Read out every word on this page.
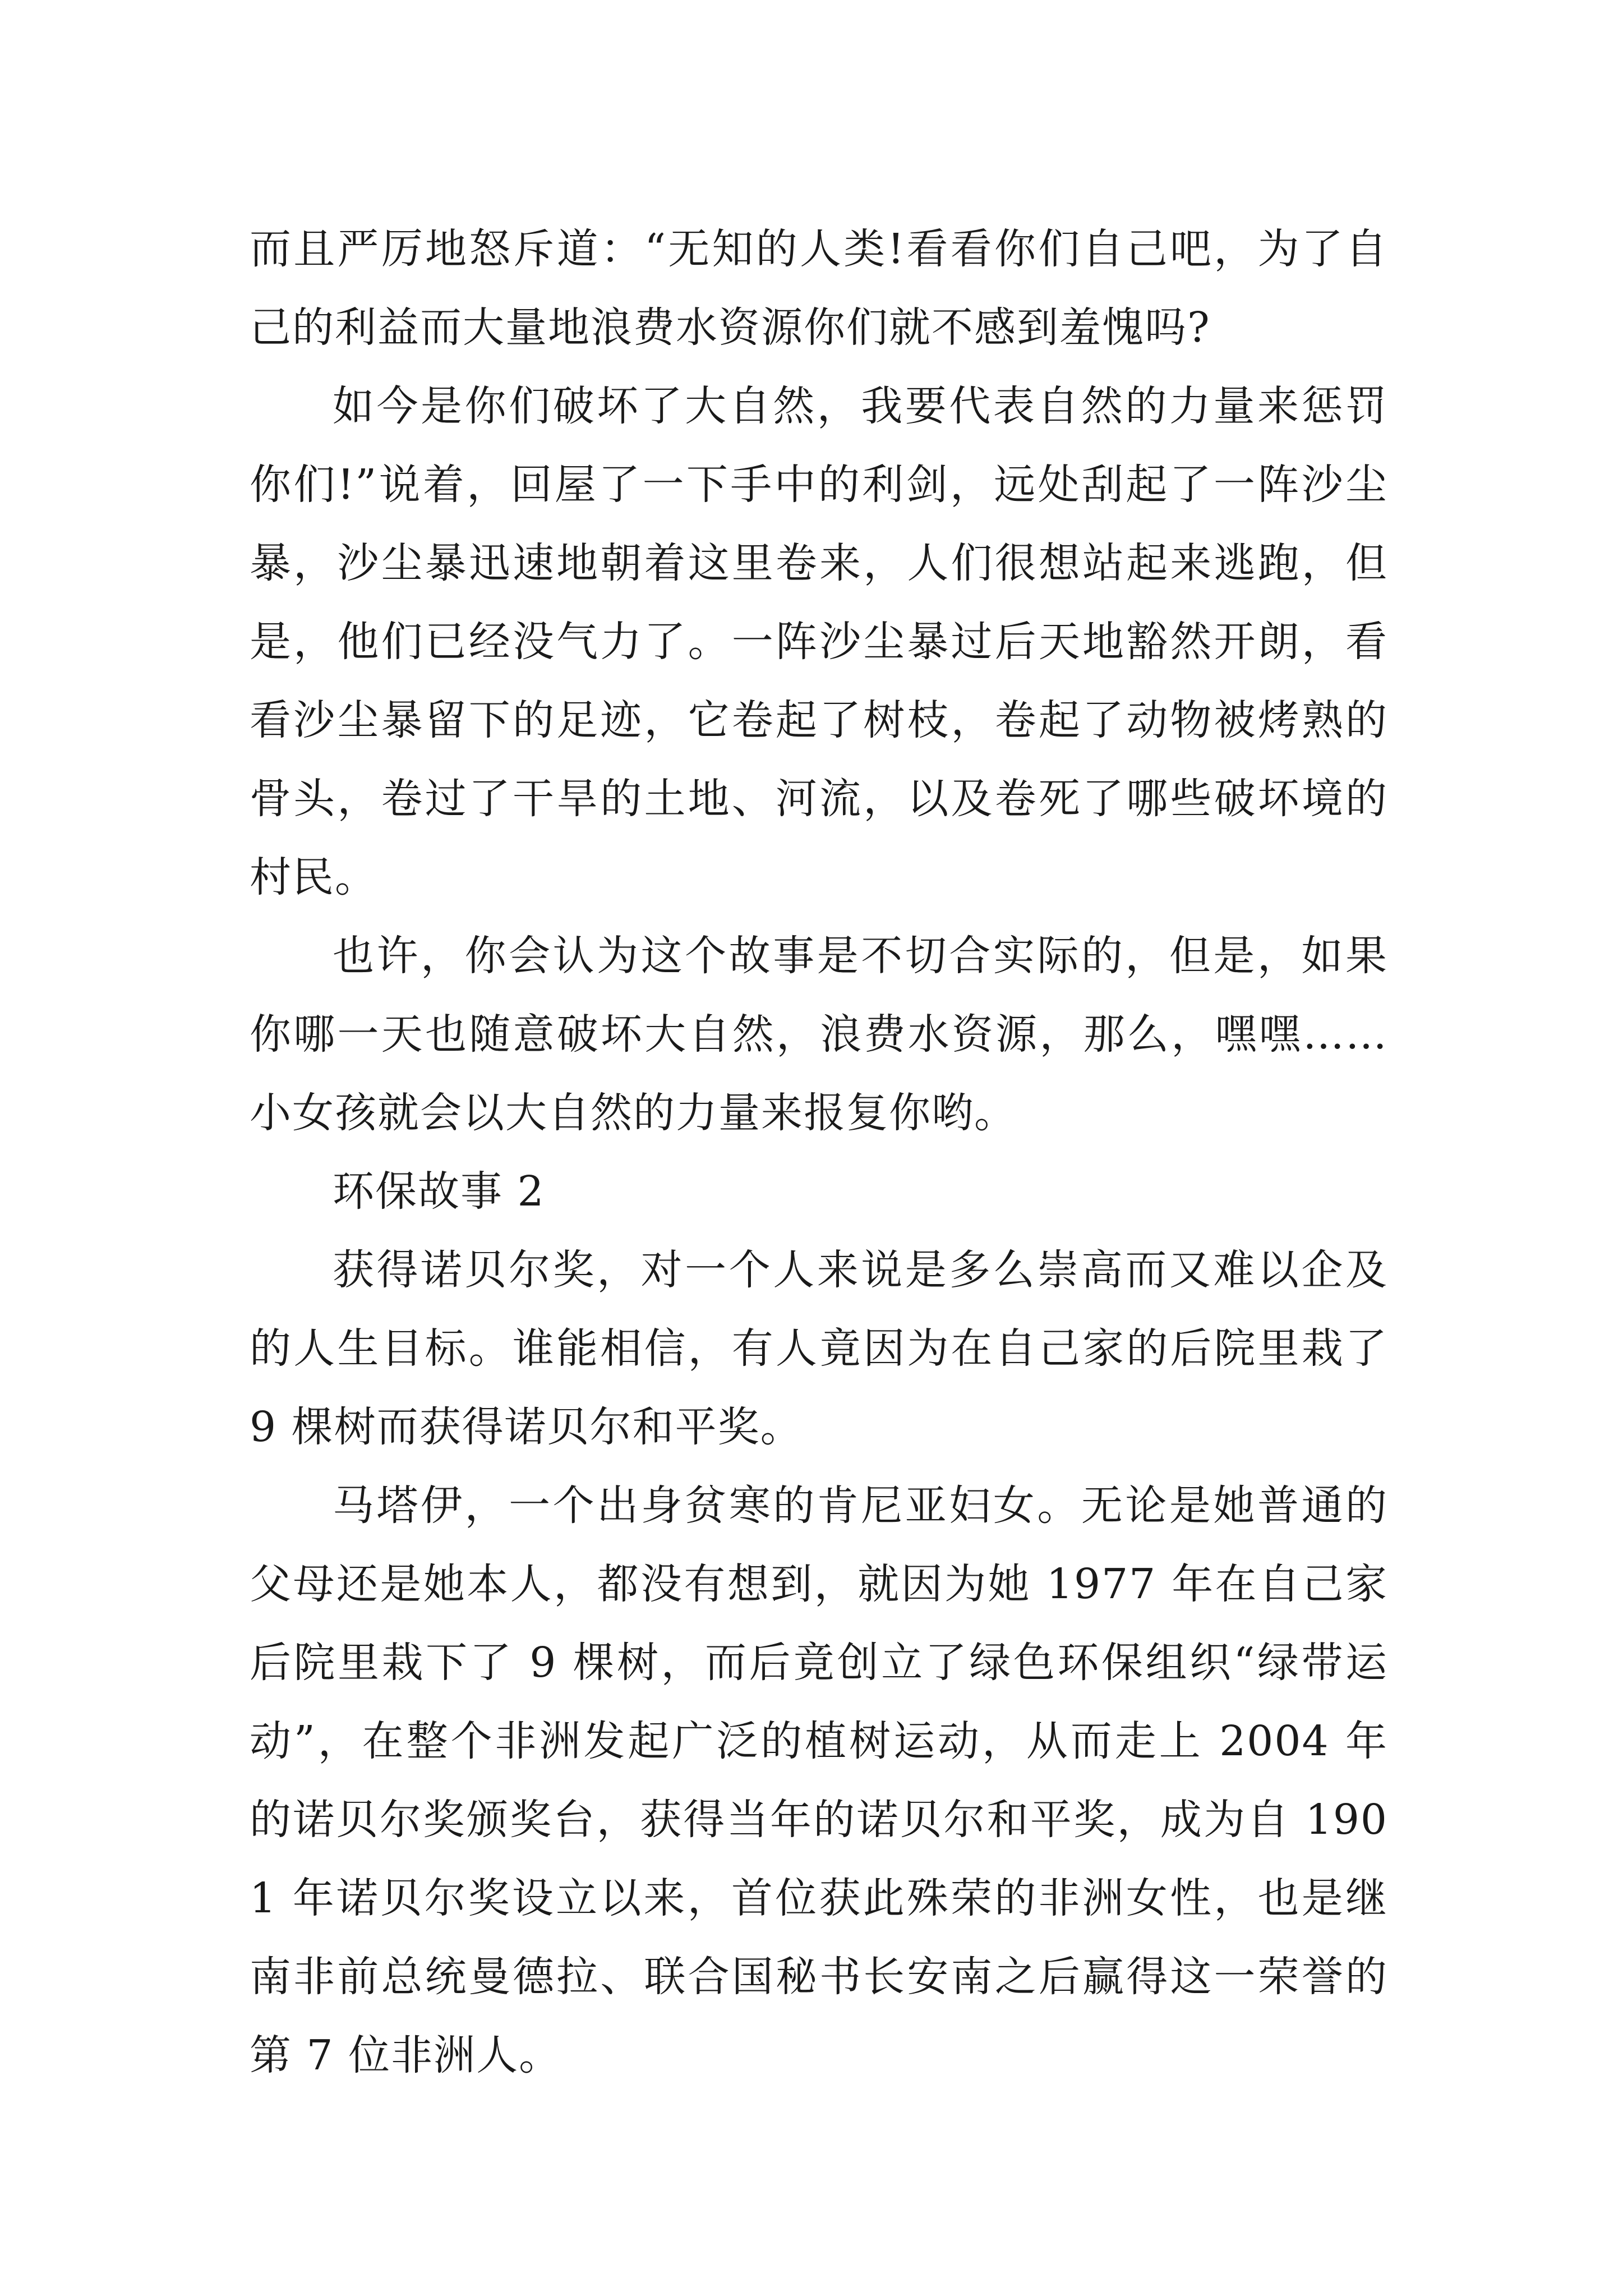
而且严厉地怒斥道：“无知的人类!看看你们自己吧，为了自己的利益而大量地浪费水资源你们就不感到羞愧吗?

如今是你们破坏了大自然，我要代表自然的力量来惩罚你们!”说着，回屋了一下手中的利剑，远处刮起了一阵沙尘暴，沙尘暴迅速地朝着这里卷来，人们很想站起来逃跑，但是，他们已经没气力了。一阵沙尘暴过后天地豁然开朗，看看沙尘暴留下的足迹，它卷起了树枝，卷起了动物被烤熟的骨头，卷过了干旱的土地、河流，以及卷死了哪些破坏境的村民。

也许，你会认为这个故事是不切合实际的，但是，如果你哪一天也随意破坏大自然，浪费水资源，那么，嘿嘿……小女孩就会以大自然的力量来报复你哟。

环保故事 2

获得诺贝尔奖，对一个人来说是多么崇高而又难以企及的人生目标。谁能相信，有人竟因为在自己家的后院里栽了 9 棵树而获得诺贝尔和平奖。

马塔伊，一个出身贫寒的肯尼亚妇女。无论是她普通的父母还是她本人，都没有想到，就因为她 1977 年在自己家后院里栽下了 9 棵树，而后竟创立了绿色环保组织“绿带运动”，在整个非洲发起广泛的植树运动，从而走上 2004 年的诺贝尔奖颁奖台，获得当年的诺贝尔和平奖，成为自 1901 年诺贝尔奖设立以来，首位获此殊荣的非洲女性，也是继南非前总统曼德拉、联合国秘书长安南之后赢得这一荣誉的第 7 位非洲人。
